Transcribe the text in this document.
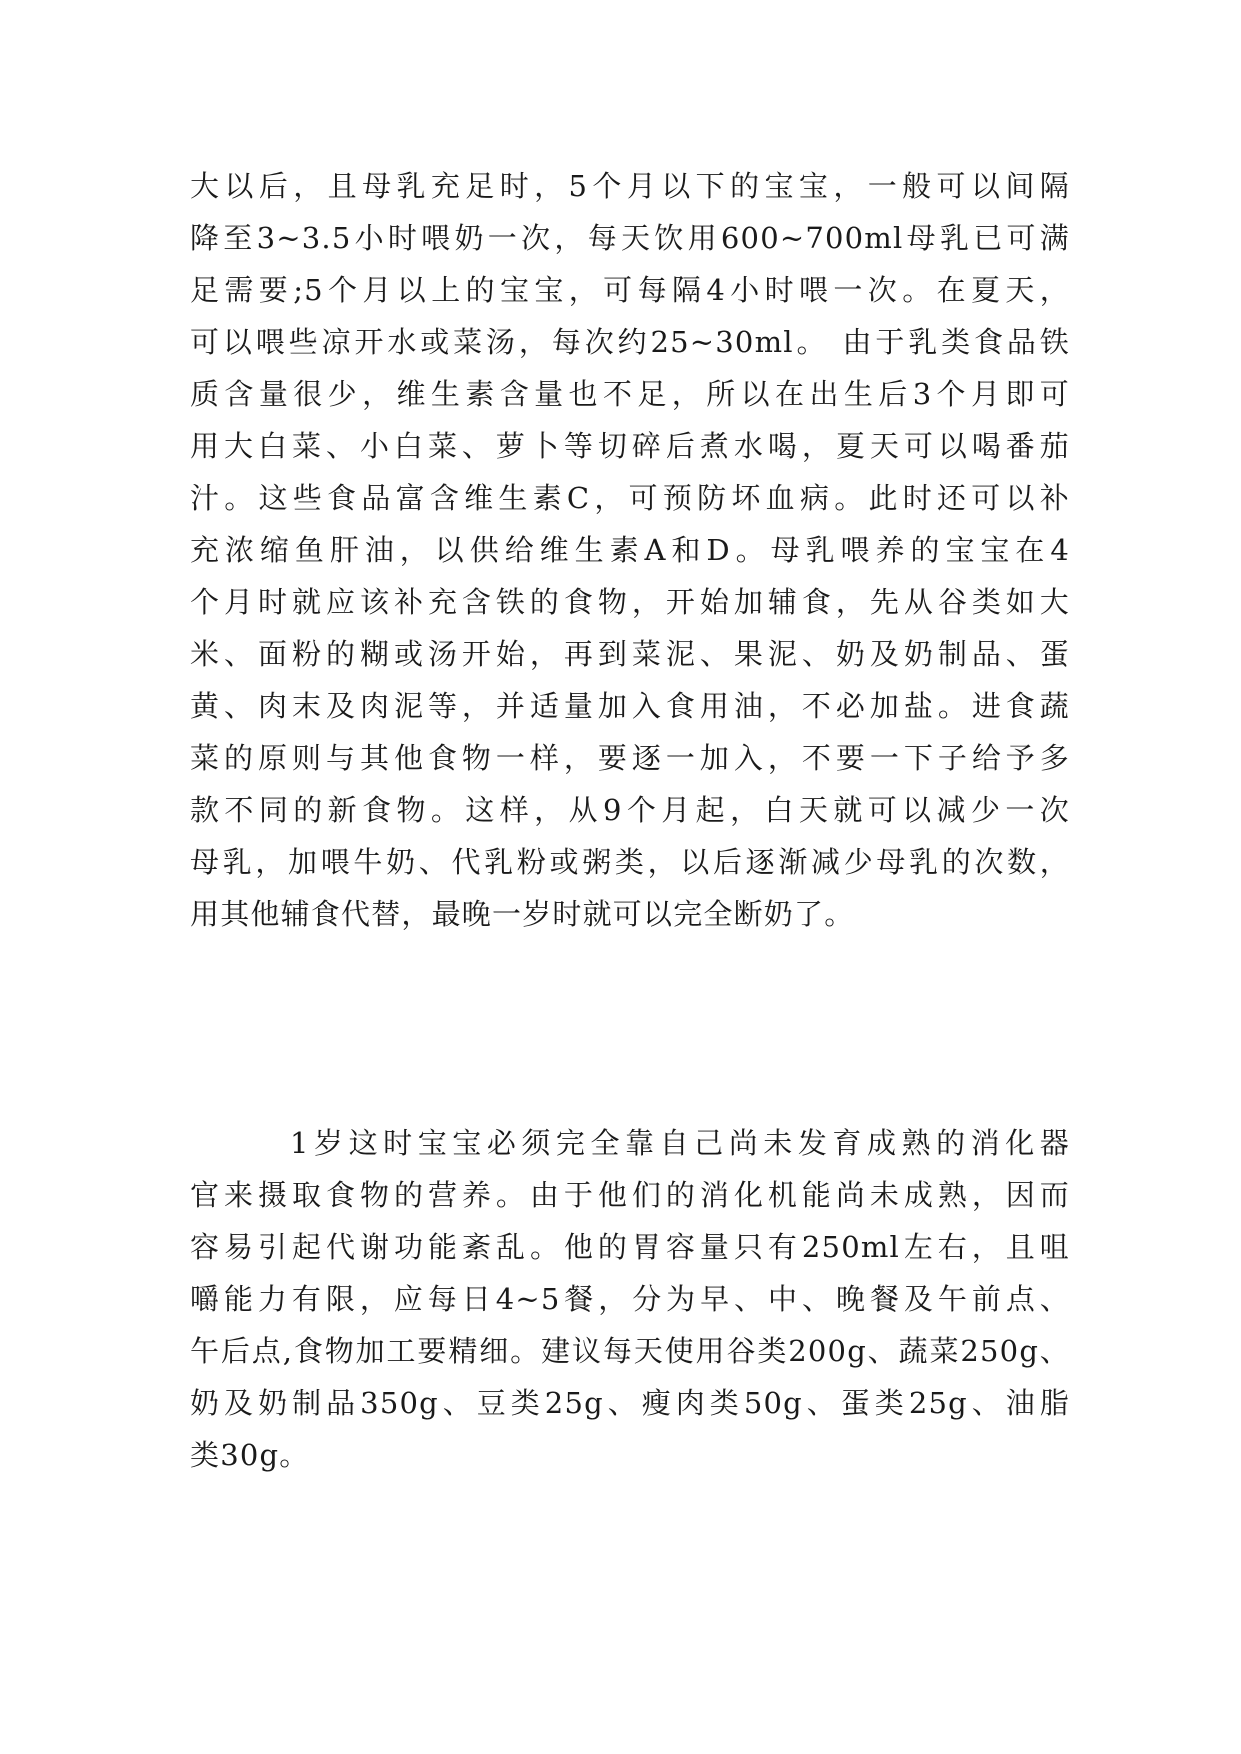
大以后，且母乳充足时，5个月以下的宝宝，一般可以间隔
降至3~3.5小时喂奶一次，每天饮用600~700ml母乳已可满
足需要;5个月以上的宝宝，可每隔4小时喂一次。在夏天，
可以喂些凉开水或菜汤，每次约25~30ml。 由于乳类食品铁
质含量很少，维生素含量也不足，所以在出生后3个月即可
用大白菜、小白菜、萝卜等切碎后煮水喝，夏天可以喝番茄
汁。这些食品富含维生素C，可预防坏血病。此时还可以补
充浓缩鱼肝油，以供给维生素A和D。母乳喂养的宝宝在4
个月时就应该补充含铁的食物，开始加辅食，先从谷类如大
米、面粉的糊或汤开始，再到菜泥、果泥、奶及奶制品、蛋
黄、肉末及肉泥等，并适量加入食用油，不必加盐。进食蔬
菜的原则与其他食物一样，要逐一加入，不要一下子给予多
款不同的新食物。这样，从9个月起，白天就可以减少一次
母乳，加喂牛奶、代乳粉或粥类，以后逐渐减少母乳的次数，
用其他辅食代替，最晚一岁时就可以完全断奶了。
1岁这时宝宝必须完全靠自己尚未发育成熟的消化器
官来摄取食物的营养。由于他们的消化机能尚未成熟，因而
容易引起代谢功能紊乱。他的胃容量只有250ml左右，且咀
嚼能力有限，应每日4~5餐，分为早、中、晚餐及午前点、
午后点,食物加工要精细。建议每天使用谷类200g、蔬菜250g、
奶及奶制品350g、豆类25g、瘦肉类50g、蛋类25g、油脂
类30g。
